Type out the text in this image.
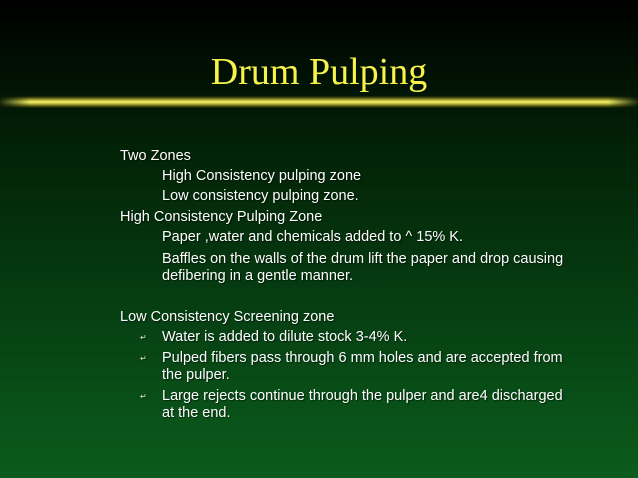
Drum Pulping
Two Zones
High Consistency pulping zone
Low consistency pulping zone.
High Consistency Pulping Zone
Paper ,water and chemicals added to ^ 15% K.
Baffles on the walls of the drum lift the paper and drop causing
defibering in a gentle manner.
Low Consistency Screening zone
↵ Water is added to dilute stock 3-4% K.
↵ Pulped fibers pass through 6 mm holes and are accepted from
the pulper.
↵ Large rejects continue through the pulper and are4 discharged
at the end.
